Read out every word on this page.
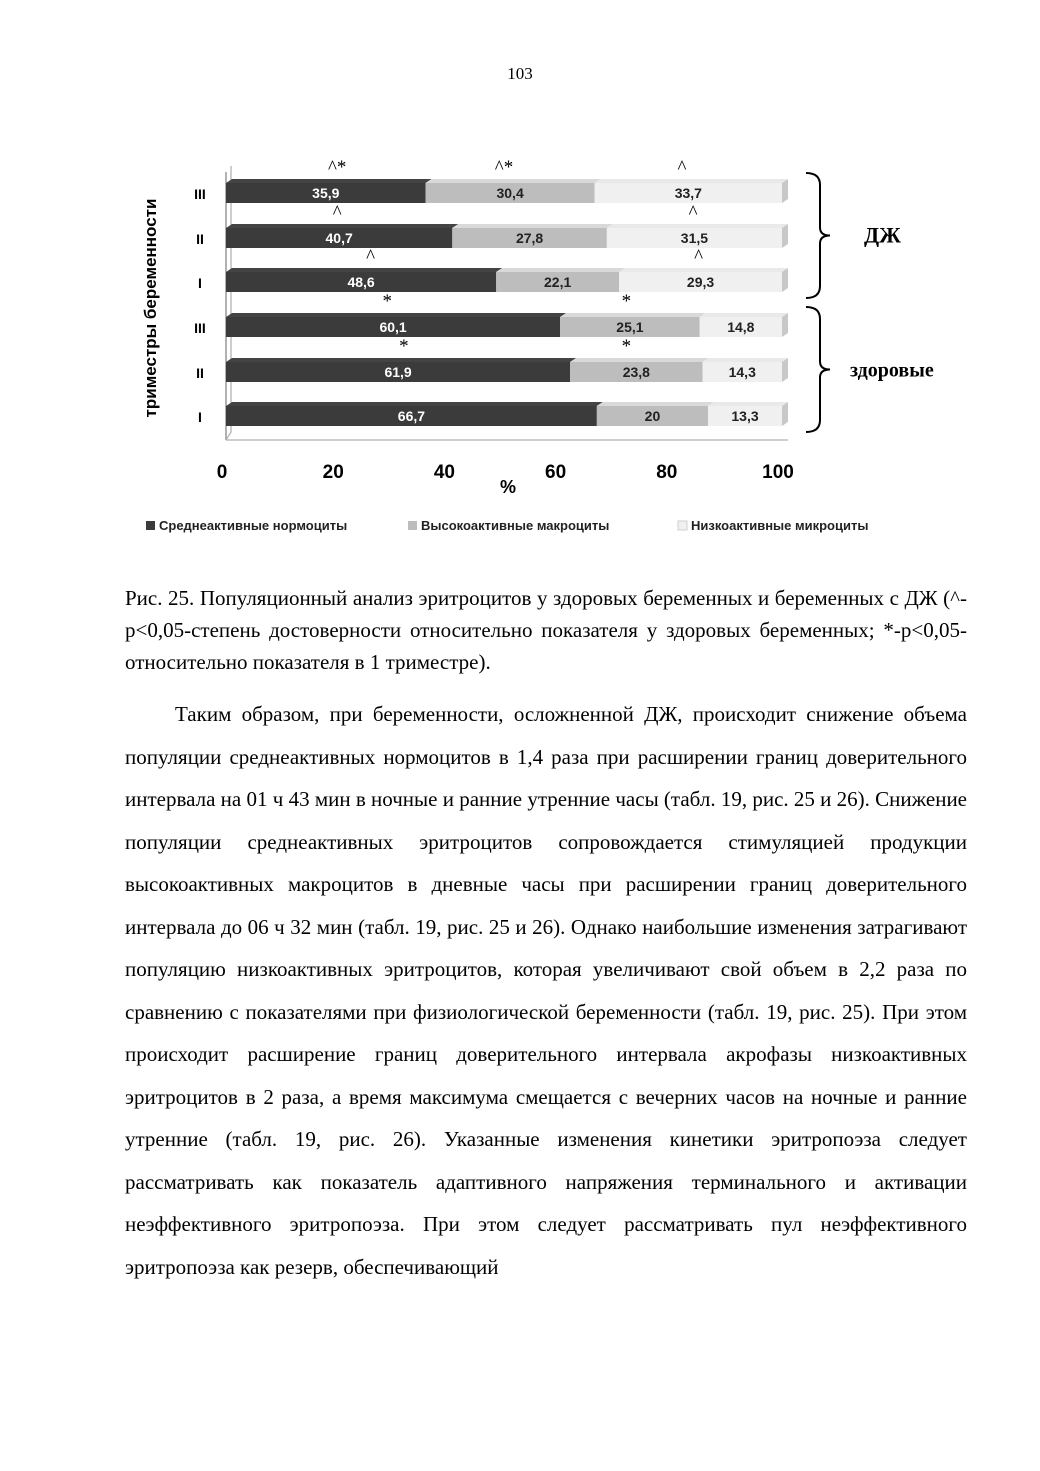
103
35,9	30,4	33,7
III
40,7	27,8	31,5
II
48,6	22,1	29,3
I
60,1	25,1	14,8
III
61,9	23,8	14,3
II
66,7	20	13,3
I
^*	^*	^
^	^
^	^
*	*
*	*
0	20	40	60	80	100
%
триместры беременности	ДЖ
здоровые
Среднеактивные нормоциты	Высокоактивные макроциты	Низкоактивные микроциты
Рис. 25. Популяционный анализ эритроцитов у здоровых беременных и беременных с ДЖ (^-р<0,05-степень достоверности относительно показателя у здоровых беременных; *-р<0,05-относительно показателя в 1 триместре).

Таким образом, при беременности, осложненной ДЖ, происходит снижение объема популяции среднеактивных нормоцитов в 1,4 раза при расширении границ доверительного интервала на 01 ч 43 мин в ночные и ранние утренние часы (табл. 19, рис. 25 и 26). Снижение популяции среднеактивных эритроцитов сопровождается стимуляцией продукции высокоактивных макроцитов в дневные часы при расширении границ доверительного интервала до 06 ч 32 мин (табл. 19, рис. 25 и 26). Однако наибольшие изменения затрагивают популяцию низкоактивных эритроцитов, которая увеличивают свой объем в 2,2 раза по сравнению с показателями при физиологической беременности (табл. 19, рис. 25). При этом происходит расширение границ доверительного интервала акрофазы низкоактивных эритроцитов в 2 раза, а время максимума смещается с вечерних часов на ночные и ранние утренние (табл. 19, рис. 26). Указанные изменения кинетики эритропоэза следует рассматривать как показатель адаптивного напряжения терминального и активации неэффективного эритропоэза. При этом следует рассматривать пул неэффективного эритропоэза как резерв, обеспечивающий
